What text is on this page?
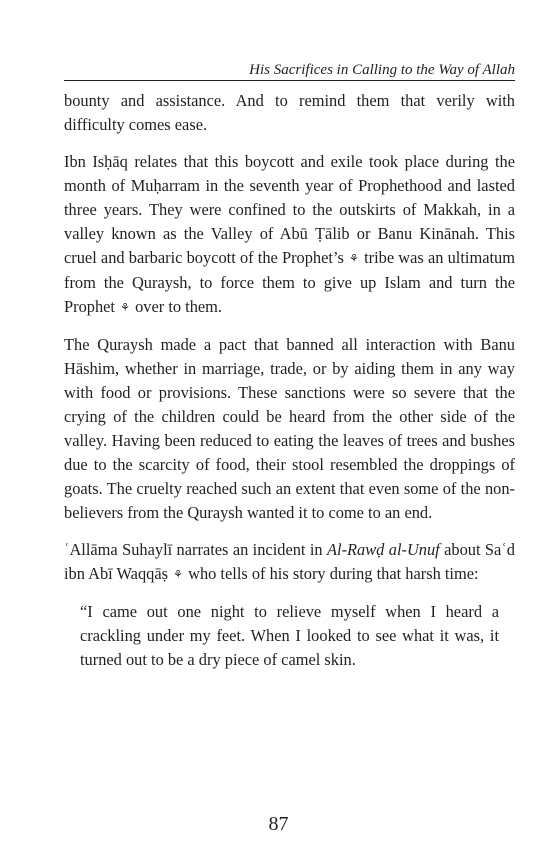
His Sacrifices in Calling to the Way of Allah

bounty and assistance. And to remind them that verily with difficulty comes ease.

Ibn Isḥāq relates that this boycott and exile took place during the month of Muḥarram in the seventh year of Prophethood and lasted three years. They were confined to the outskirts of Makkah, in a valley known as the Valley of Abū Ṭālib or Banu Kinānah. This cruel and barbaric boycott of the Prophet’s ⚘ tribe was an ultimatum from the Quraysh, to force them to give up Islam and turn the Prophet ⚘ over to them.

The Quraysh made a pact that banned all interaction with Banu Hāshim, whether in marriage, trade, or by aiding them in any way with food or provisions. These sanctions were so severe that the crying of the children could be heard from the other side of the valley. Having been reduced to eating the leaves of trees and bushes due to the scarcity of food, their stool resembled the droppings of goats. The cruelty reached such an extent that even some of the non-believers from the Quraysh wanted it to come to an end.

ʿAllāma Suhaylī narrates an incident in Al-Rawḍ al-Unuf about Saʿd ibn Abī Waqqāṣ ⚘ who tells of his story during that harsh time:

“I came out one night to relieve myself when I heard a crackling under my feet. When I looked to see what it was, it turned out to be a dry piece of camel skin.

87
